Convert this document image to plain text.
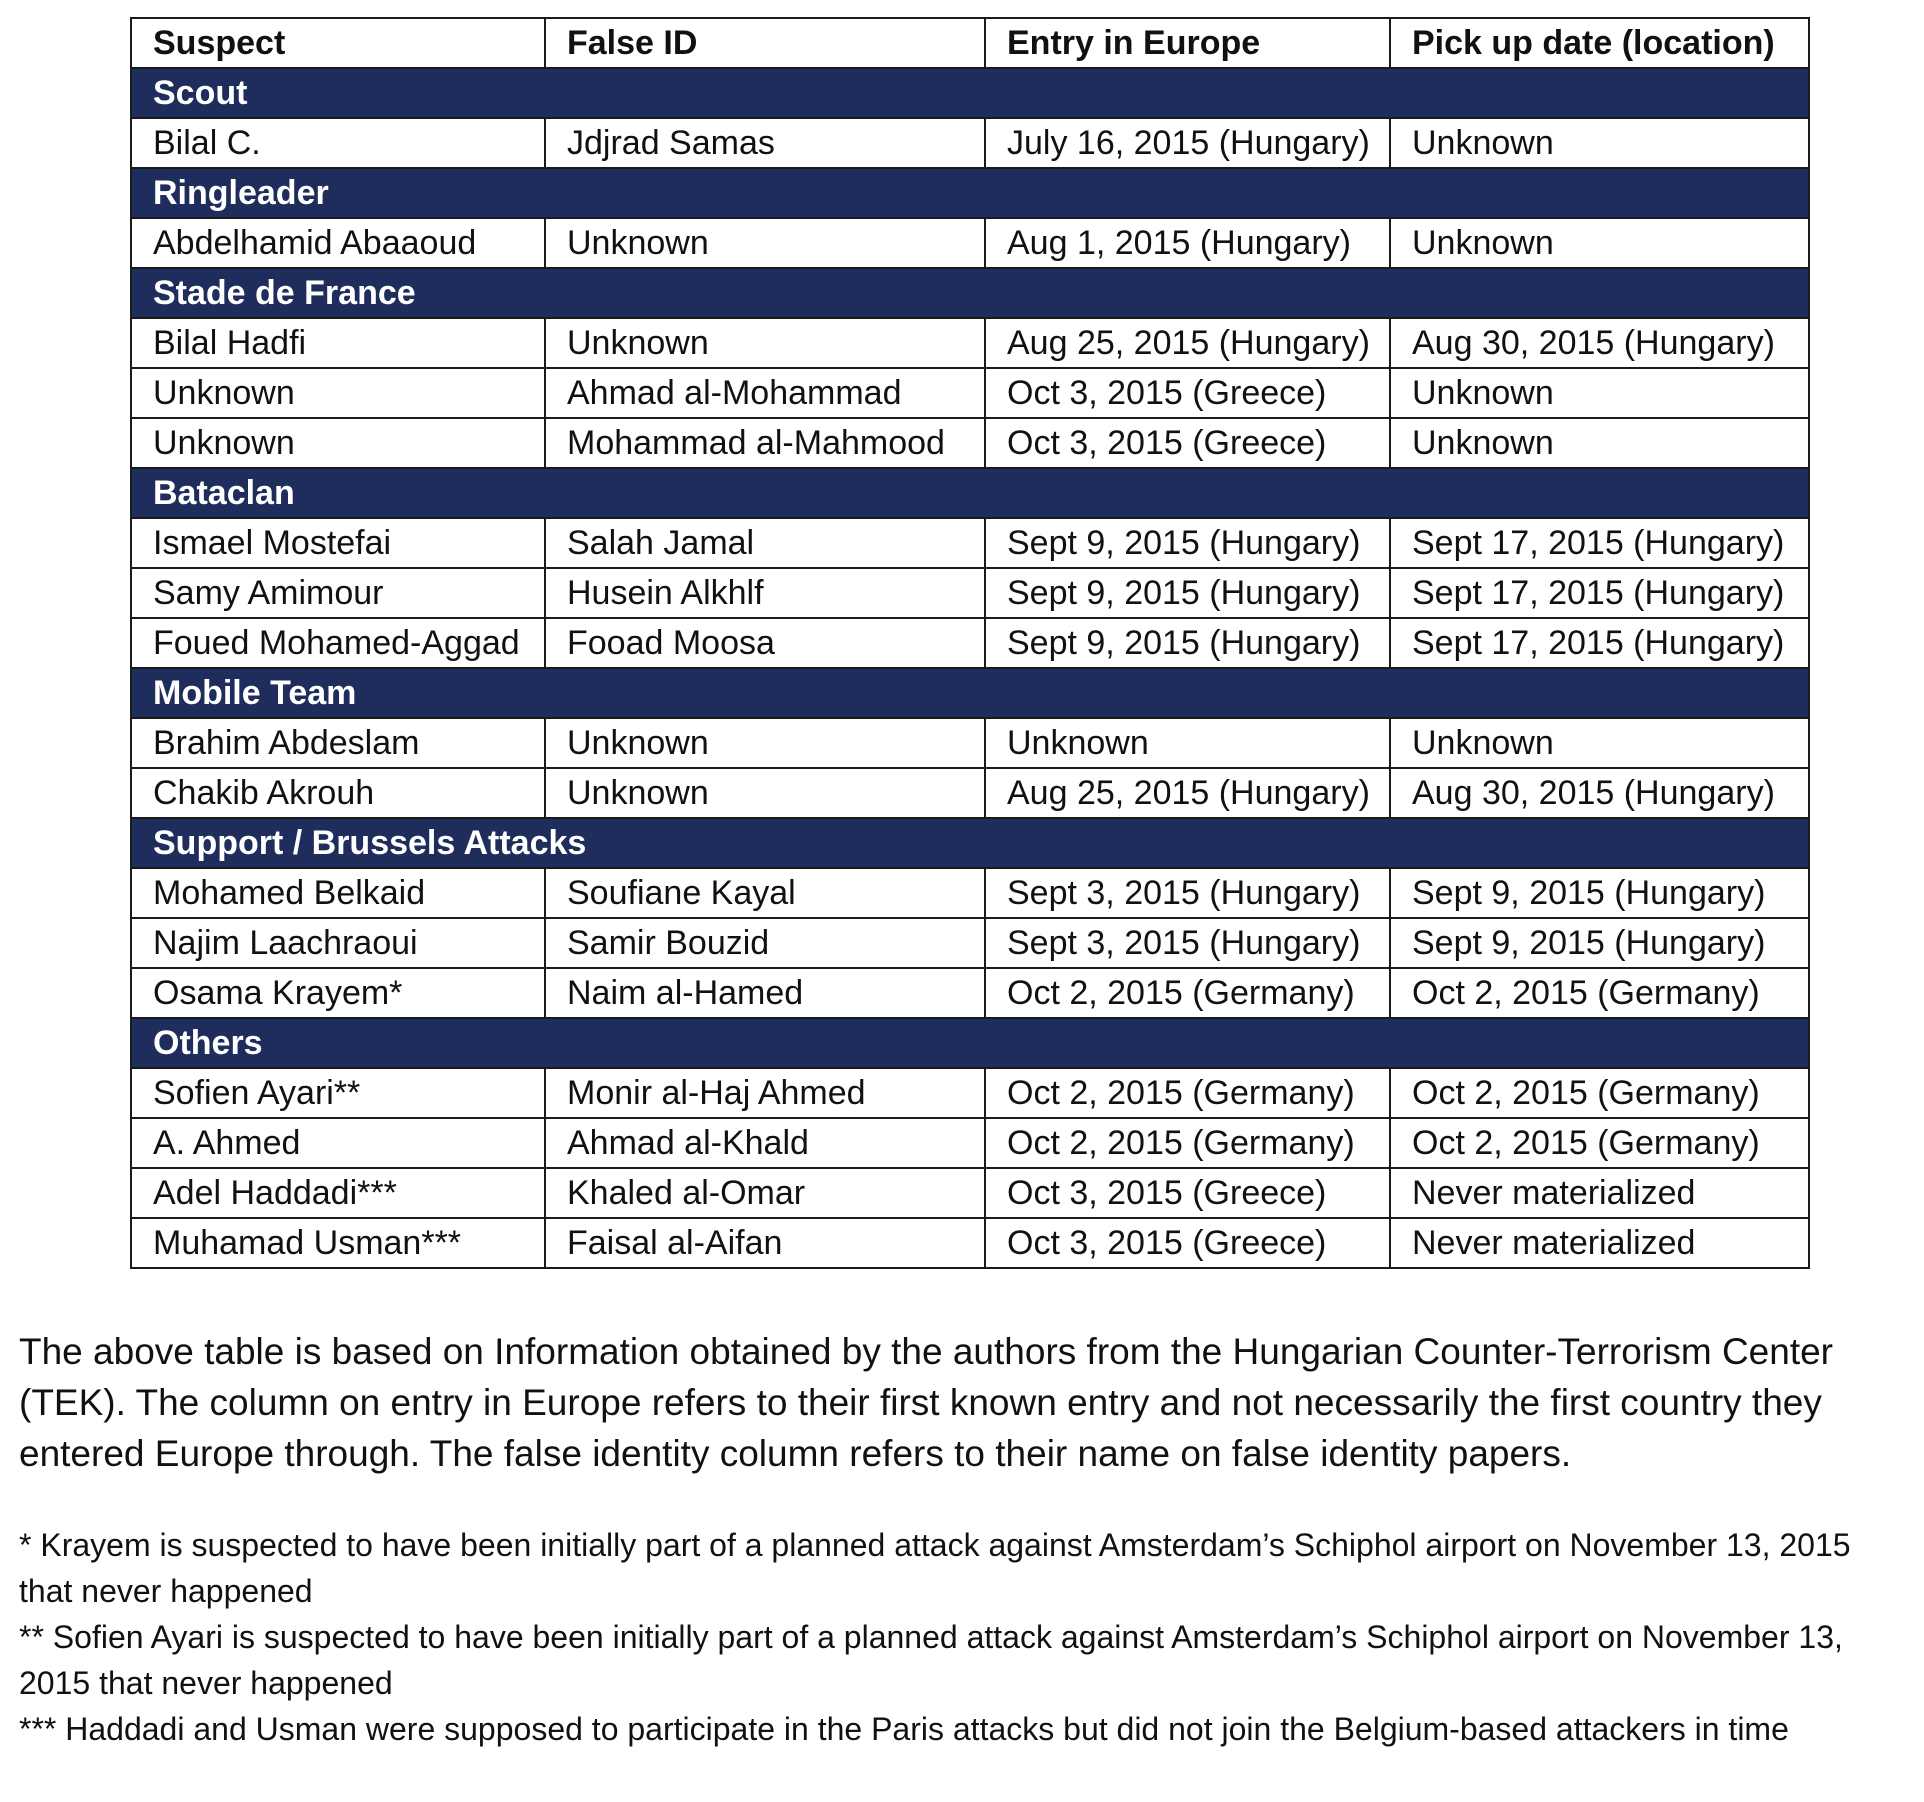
Suspect	False ID	Entry in Europe	Pick up date (location)
Scout			
Bilal C.	Jdjrad Samas	July 16, 2015 (Hungary)	Unknown
Ringleader			
Abdelhamid Abaaoud	Unknown	Aug 1, 2015 (Hungary)	Unknown
Stade de France			
Bilal Hadfi	Unknown	Aug 25, 2015 (Hungary)	Aug 30, 2015 (Hungary)
Unknown	Ahmad al-Mohammad	Oct 3, 2015 (Greece)	Unknown
Unknown	Mohammad al-Mahmood	Oct 3, 2015 (Greece)	Unknown
Bataclan			
Ismael Mostefai	Salah Jamal	Sept 9, 2015 (Hungary)	Sept 17, 2015 (Hungary)
Samy Amimour	Husein Alkhlf	Sept 9, 2015 (Hungary)	Sept 17, 2015 (Hungary)
Foued Mohamed-Aggad	Fooad Moosa	Sept 9, 2015 (Hungary)	Sept 17, 2015 (Hungary)
Mobile Team			
Brahim Abdeslam	Unknown	Unknown	Unknown
Chakib Akrouh	Unknown	Aug 25, 2015 (Hungary)	Aug 30, 2015 (Hungary)
Support / Brussels Attacks			
Mohamed Belkaid	Soufiane Kayal	Sept 3, 2015 (Hungary)	Sept 9, 2015 (Hungary)
Najim Laachraoui	Samir Bouzid	Sept 3, 2015 (Hungary)	Sept 9, 2015 (Hungary)
Osama Krayem*	Naim al-Hamed	Oct 2, 2015 (Germany)	Oct 2, 2015 (Germany)
Others			
Sofien Ayari**	Monir al-Haj Ahmed	Oct 2, 2015 (Germany)	Oct 2, 2015 (Germany)
A. Ahmed	Ahmad al-Khald	Oct 2, 2015 (Germany)	Oct 2, 2015 (Germany)
Adel Haddadi***	Khaled al-Omar	Oct 3, 2015 (Greece)	Never materialized
Muhamad Usman***	Faisal al-Aifan	Oct 3, 2015 (Greece)	Never materialized

The above table is based on Information obtained by the authors from the Hungarian Counter-Terrorism Center (TEK). The column on entry in Europe refers to their first known entry and not necessarily the first country they entered Europe through. The false identity column refers to their name on false identity papers.

* Krayem is suspected to have been initially part of a planned attack against Amsterdam’s Schiphol airport on November 13, 2015 that never happened

** Sofien Ayari is suspected to have been initially part of a planned attack against Amsterdam’s Schiphol airport on November 13, 2015 that never happened

*** Haddadi and Usman were supposed to participate in the Paris attacks but did not join the Belgium-based attackers in time
